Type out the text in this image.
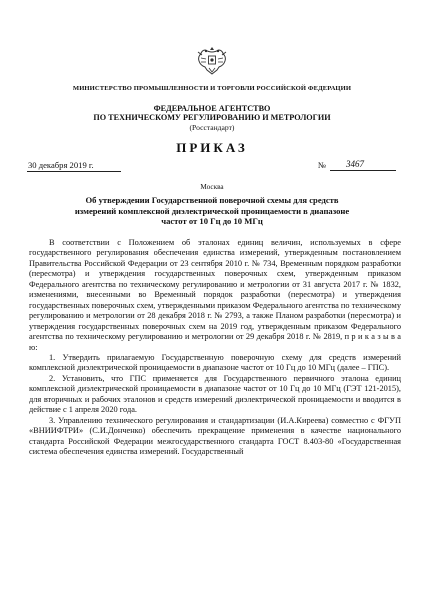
МИНИСТЕРСТВО ПРОМЫШЛЕННОСТИ И ТОРГОВЛИ РОССИЙСКОЙ ФЕДЕРАЦИИ
ФЕДЕРАЛЬНОЕ АГЕНТСТВО
ПО ТЕХНИЧЕСКОМУ РЕГУЛИРОВАНИЮ И МЕТРОЛОГИИ
(Росстандарт)
ПРИКАЗ
30 декабря 2019 г.	№ 3467
Москва
Об утверждении Государственной поверочной схемы для средств
измерений комплексной диэлектрической проницаемости в диапазоне
частот от 10 Гц до 10 МГц

В соответствии с Положением об эталонах единиц величин, используемых в сфере государственного регулирования обеспечения единства измерений, утвержденным постановлением Правительства Российской Федерации от 23 сентября 2010 г. № 734, Временным порядком разработки (пересмотра) и утверждения государственных поверочных схем, утвержденным приказом Федерального агентства по техническому регулированию и метрологии от 31 августа 2017 г. № 1832, изменениями, внесенными во Временный порядок разработки (пересмотра) и утверждения государственных поверочных схем, утвержденными приказом Федерального агентства по техническому регулированию и метрологии от 28 декабря 2018 г. № 2793, а также Планом разработки (пересмотра) и утверждения государственных поверочных схем на 2019 год, утвержденным приказом Федерального агентства по техническому регулированию и метрологии от 29 декабря 2018 г. № 2819, п р и к а з ы в а ю:

1. Утвердить прилагаемую Государственную поверочную схему для средств измерений комплексной диэлектрической проницаемости в диапазоне частот от 10 Гц до 10 МГц (далее – ГПС).

2. Установить, что ГПС применяется для Государственного первичного эталона единиц комплексной диэлектрической проницаемости в диапазоне частот от 10 Гц до 10 МГц (ГЭТ 121-2015), для вторичных и рабочих эталонов и средств измерений диэлектрической проницаемости и вводится в действие с 1 апреля 2020 года.

3. Управлению технического регулирования и стандартизации (И.А.Киреева) совместно с ФГУП «ВНИИФТРИ» (С.И.Донченко) обеспечить прекращение применения в качестве национального стандарта Российской Федерации межгосударственного стандарта ГОСТ 8.403-80 «Государственная система обеспечения единства измерений. Государственный
